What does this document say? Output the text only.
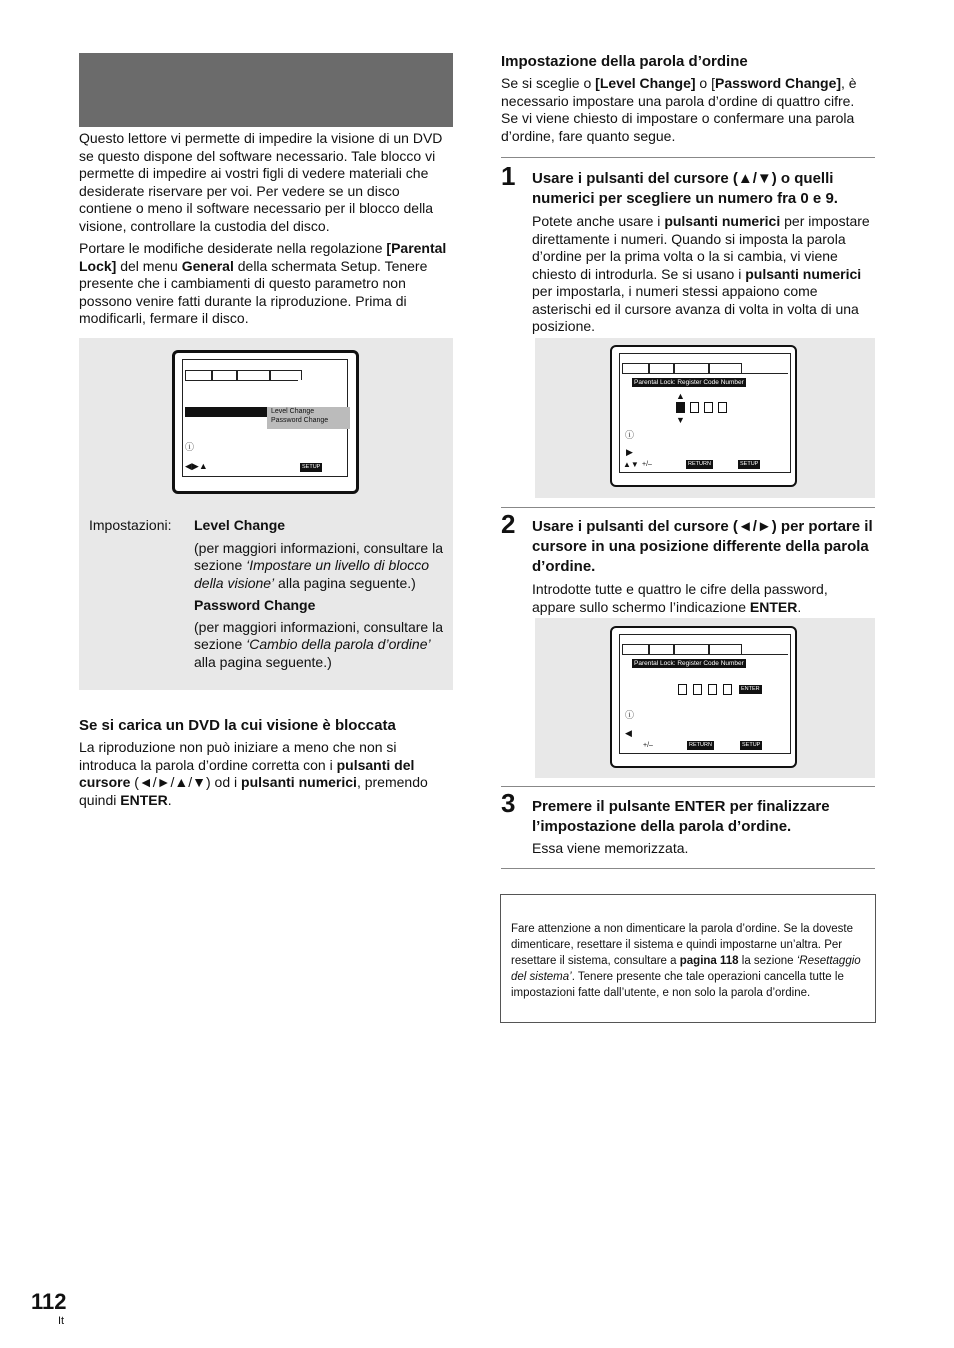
Questo lettore vi permette di impedire la visione di un DVD se questo dispone del software necessario. Tale blocco vi permette di impedire ai vostri figli di vedere materiali che desiderate riservare per voi. Per vedere se un disco contiene o meno il software necessario per il blocco della visione, controllare la custodia del disco.

Portare le modifiche desiderate nella regolazione [Parental Lock] del menu General della schermata Setup. Tenere presente che i cambiamenti di questo parametro non possono venire fatti durante la riproduzione. Prima di modificarli, fermare il disco.

Level Change
Password Change
ⓘ
◀▶▲	SETUP
Impostazioni: Level Change

(per maggiori informazioni, consultare la sezione ‘Impostare un livello di blocco della visione’ alla pagina seguente.)

Password Change

(per maggiori informazioni, consultare la sezione ‘Cambio della parola d’ordine’ alla pagina seguente.)

Se si carica un DVD la cui visione è bloccata

La riproduzione non può iniziare a meno che non si introduca la parola d’ordine corretta con i pulsanti del cursore (◄/►/▲/▼) od i pulsanti numerici, premendo quindi ENTER.

Impostazione della parola d’ordine

Se si sceglie o [Level Change] o [Password Change], è necessario impostare una parola d’ordine di quattro cifre. Se vi viene chiesto di impostare o confermare una parola d’ordine, fare quanto segue.

1 Usare i pulsanti del cursore (▲/▼) o quelli numerici per scegliere un numero fra 0 e 9.

Potete anche usare i pulsanti numerici per impostare direttamente i numeri. Quando si imposta la parola d’ordine per la prima volta o la si cambia, vi viene chiesto di introdurla. Se si usano i pulsanti numerici per impostarla, i numeri stessi appaiono come asterischi ed il cursore avanza di volta in volta di una posizione.

Parental Lock: Register Code Number
▲
▼
ⓘ
▶
▲▼ +/–	RETURN	SETUP
2 Usare i pulsanti del cursore (◄/►) per portare il cursore in una posizione differente della parola d’ordine.

Introdotte tutte e quattro le cifre della password, appare sullo schermo l’indicazione ENTER.

Parental Lock: Register Code Number
ENTER
ⓘ
◀
+/–	RETURN	SETUP
3 Premere il pulsante ENTER per finalizzare l’impostazione della parola d’ordine.

Essa viene memorizzata.

Fare attenzione a non dimenticare la parola d’ordine. Se la doveste dimenticare, resettare il sistema e quindi impostarne un’altra. Per resettare il sistema, consultare a pagina 118 la sezione ‘Resettaggio del sistema’. Tenere presente che tale operazioni cancella tutte le impostazioni fatte dall’utente, e non solo la parola d’ordine.

112
It
